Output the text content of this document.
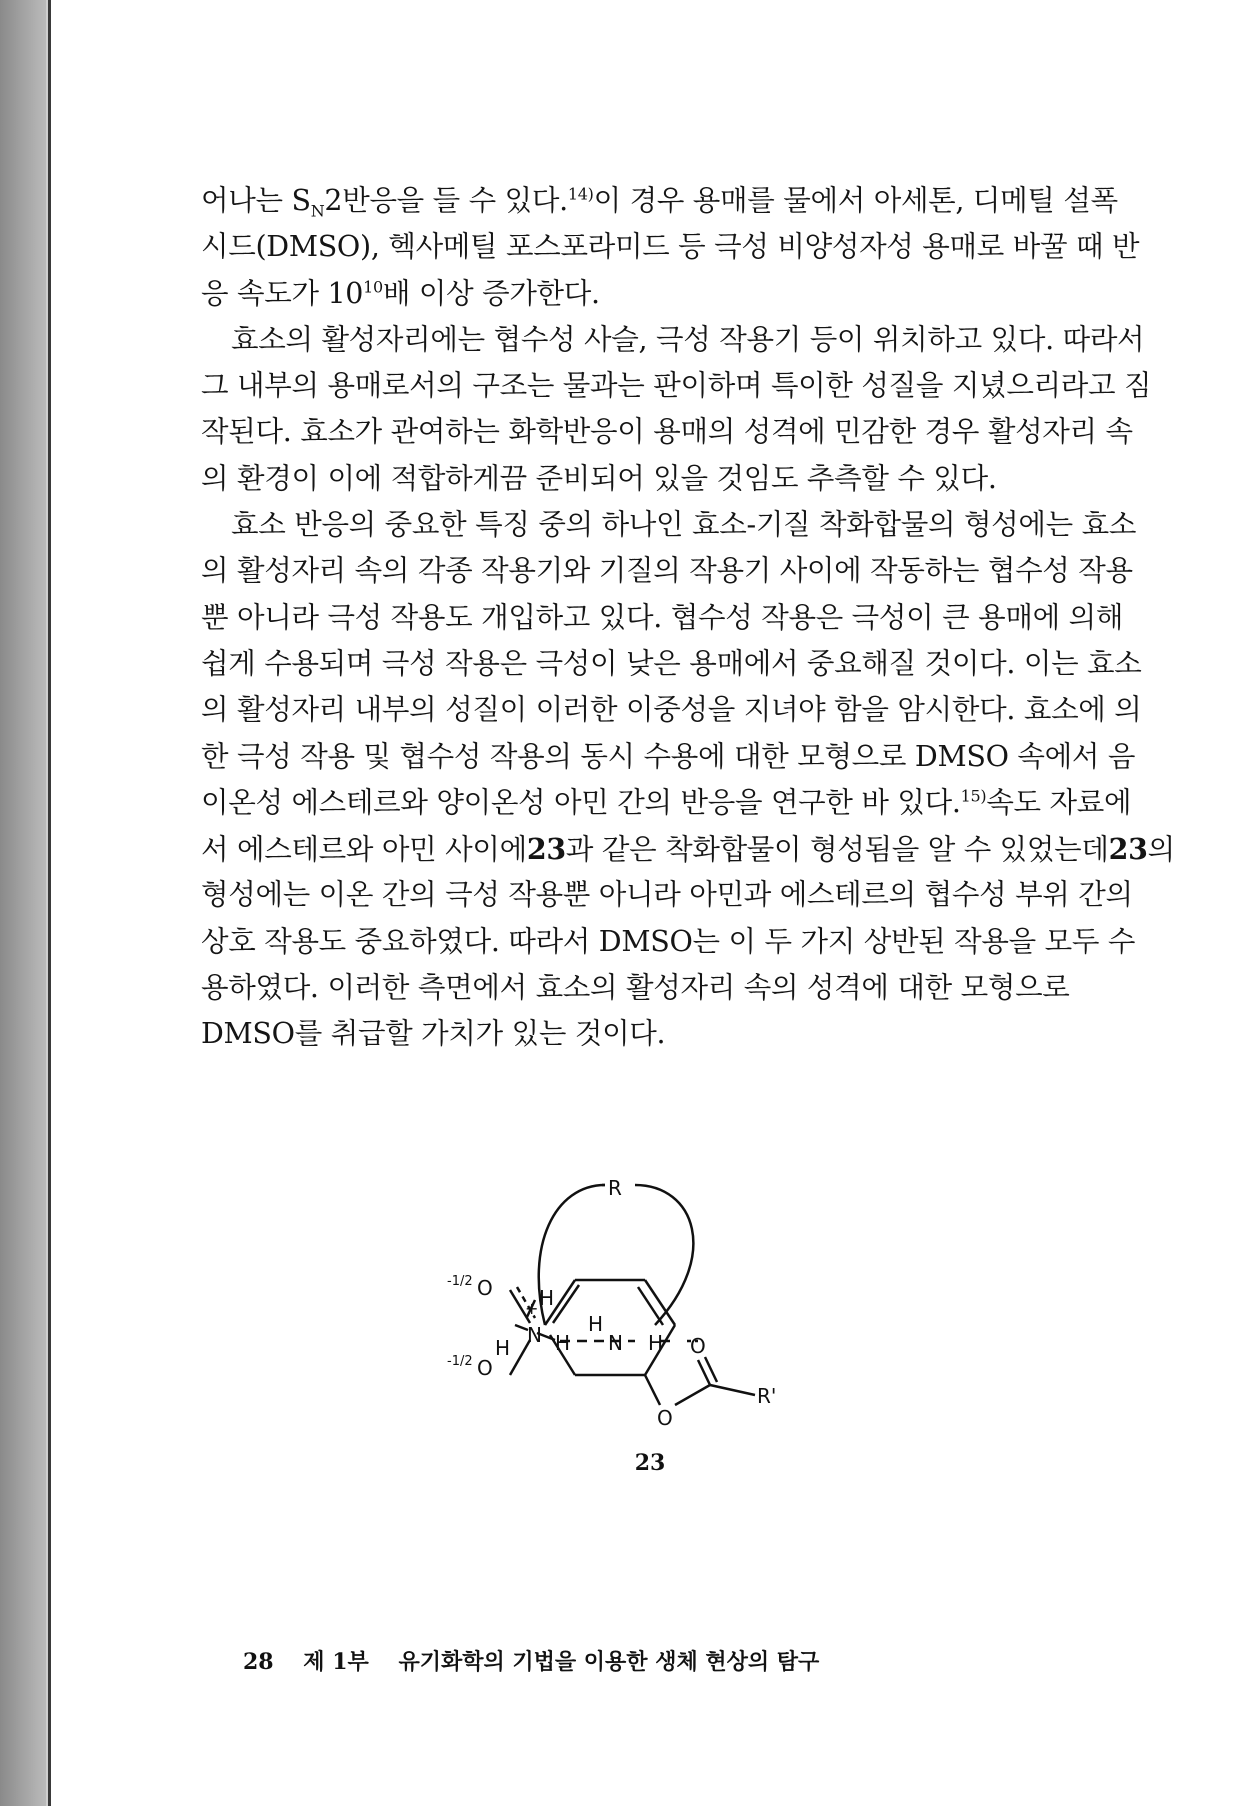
어나는 $S_N2$반응을 들 수 있다.$^{14)}$이 경우 용매를 물에서 아세톤, 디메틸 설폭
시드(DMSO), 헥사메틸 포스포라미드 등 극성 비양성자성 용매로 바꿀 때 반
응 속도가 $10^{10}$배 이상 증가한다.
효소의 활성자리에는 협수성 사슬, 극성 작용기 등이 위치하고 있다. 따라서
그 내부의 용매로서의 구조는 물과는 판이하며 특이한 성질을 지녔으리라고 짐
작된다. 효소가 관여하는 화학반응이 용매의 성격에 민감한 경우 활성자리 속
의 환경이 이에 적합하게끔 준비되어 있을 것임도 추측할 수 있다.
효소 반응의 중요한 특징 중의 하나인 효소-기질 착화합물의 형성에는 효소
의 활성자리 속의 각종 작용기와 기질의 작용기 사이에 작동하는 협수성 작용
뿐 아니라 극성 작용도 개입하고 있다. 협수성 작용은 극성이 큰 용매에 의해
쉽게 수용되며 극성 작용은 극성이 낮은 용매에서 중요해질 것이다. 이는 효소
의 활성자리 내부의 성질이 이러한 이중성을 지녀야 함을 암시한다. 효소에 의
한 극성 작용 및 협수성 작용의 동시 수용에 대한 모형으로 DMSO 속에서 음
이온성 에스테르와 양이온성 아민 간의 반응을 연구한 바 있다.$^{15)}$속도 자료에
서 에스테르와 아민 사이에23과 같은 착화합물이 형성됨을 알 수 있었는데23의
형성에는 이온 간의 극성 작용뿐 아니라 아민과 에스테르의 협수성 부위 간의
상호 작용도 중요하였다. 따라서 DMSO는 이 두 가지 상반된 작용을 모두 수
용하였다. 이러한 측면에서 효소의 활성자리 속의 성격에 대한 모형으로
DMSO를 취급할 가치가 있는 것이다.
R
-1/2 O
+ H
N
H H
H
N H
-1/2 O
O
O
R'
23
28 제 1부 유기화학의 기법을 이용한 생체 현상의 탐구
